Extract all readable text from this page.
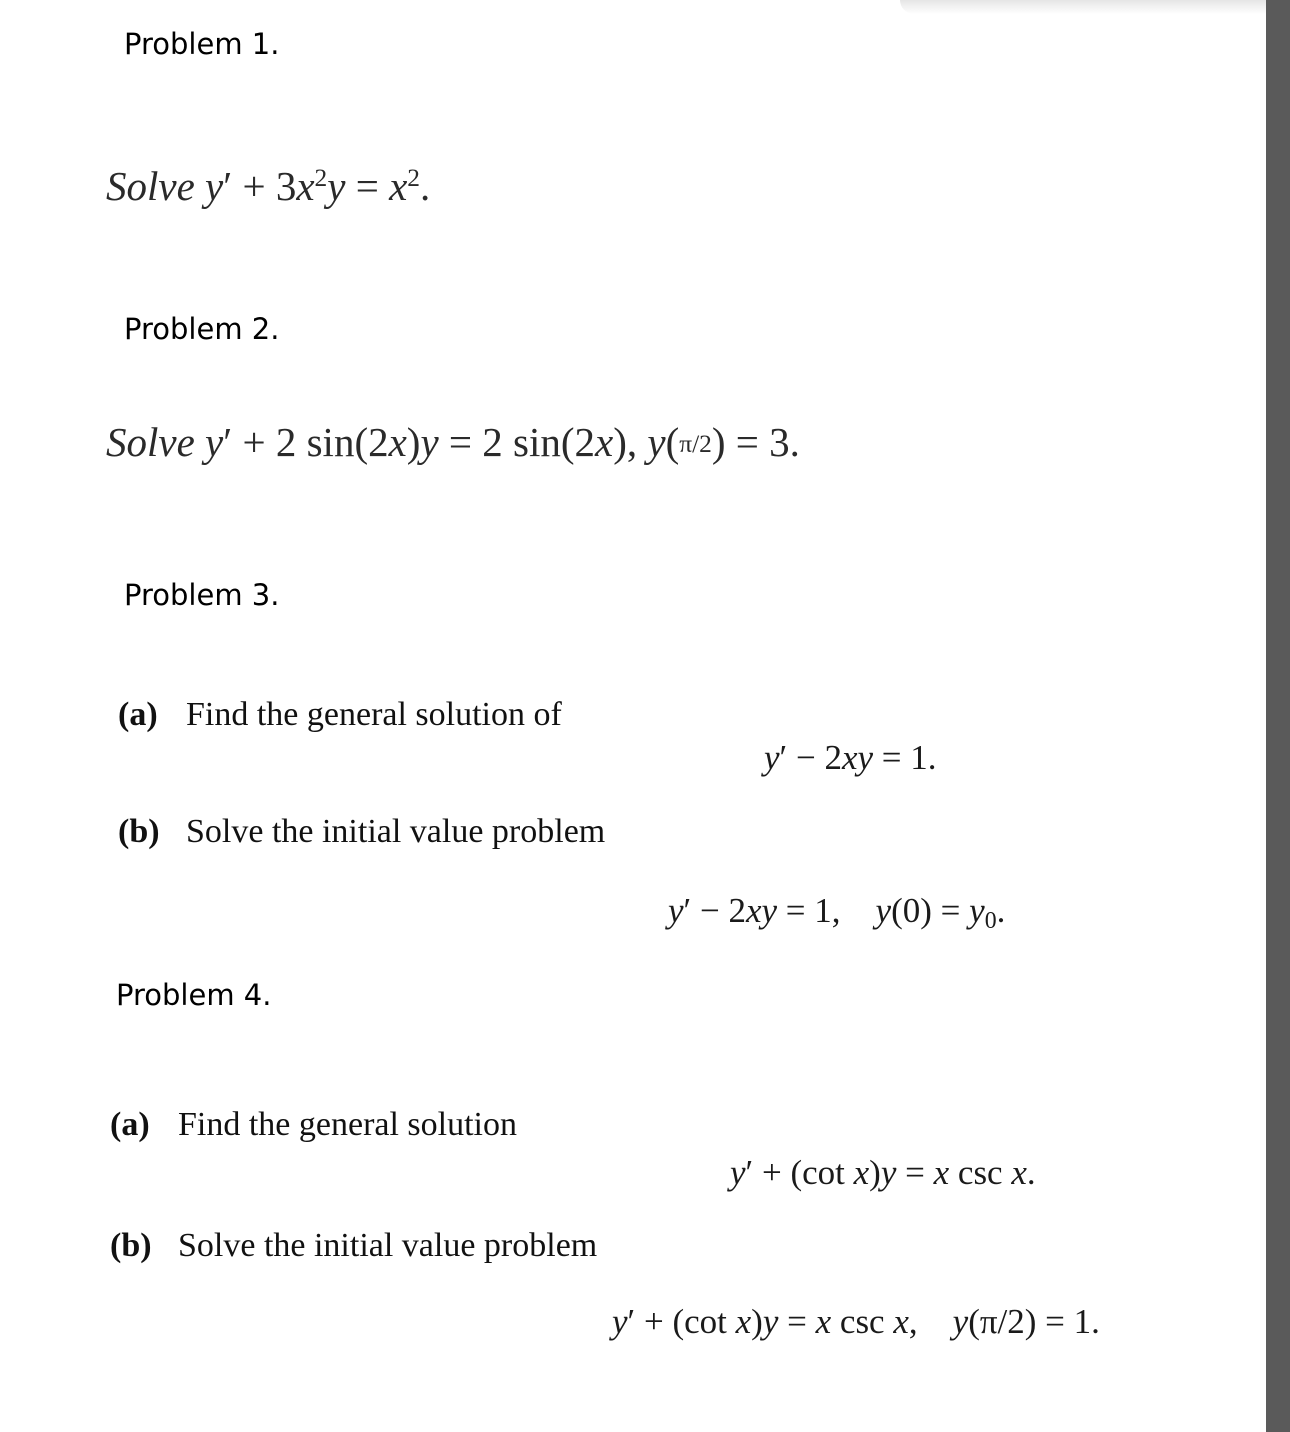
Problem 1.
Solve $y' + 3x^2y = x^2$.
Problem 2.
Solve y′ + 2 sin(2x)y = 2 sin(2x), y(π/2) = 3.
Problem 3.
(a) Find the general solution of
y′ − 2xy = 1.
(b) Solve the initial value problem
y′ − 2xy = 1,    y(0) = y0.
Problem 4.
(a) Find the general solution
y′ + (cot x)y = x csc x.
(b) Solve the initial value problem
y′ + (cot x)y = x csc x,    y(π/2) = 1.
